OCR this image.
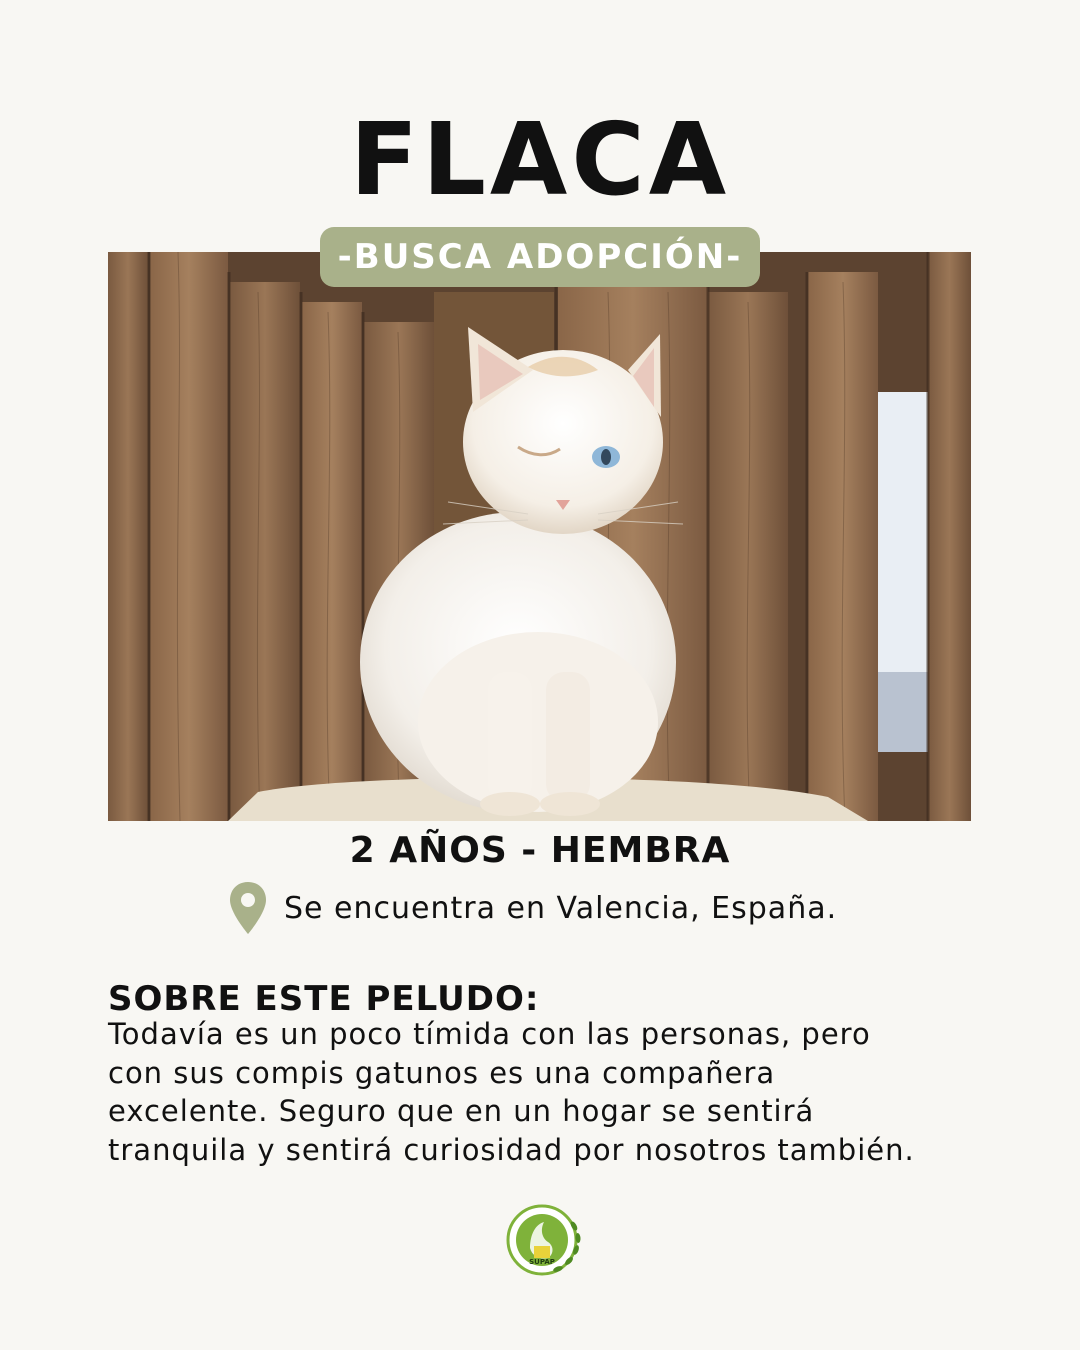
FLACA
-BUSCA ADOPCIÓN-
2 AÑOS - HEMBRA
Se encuentra en Valencia, España.
SOBRE ESTE PELUDO:

Todavía es un poco tímida con las personas, pero
con sus compis gatunos es una compañera
excelente. Seguro que en un hogar se sentirá
tranquila y sentirá curiosidad por nosotros también.

SUPAP
